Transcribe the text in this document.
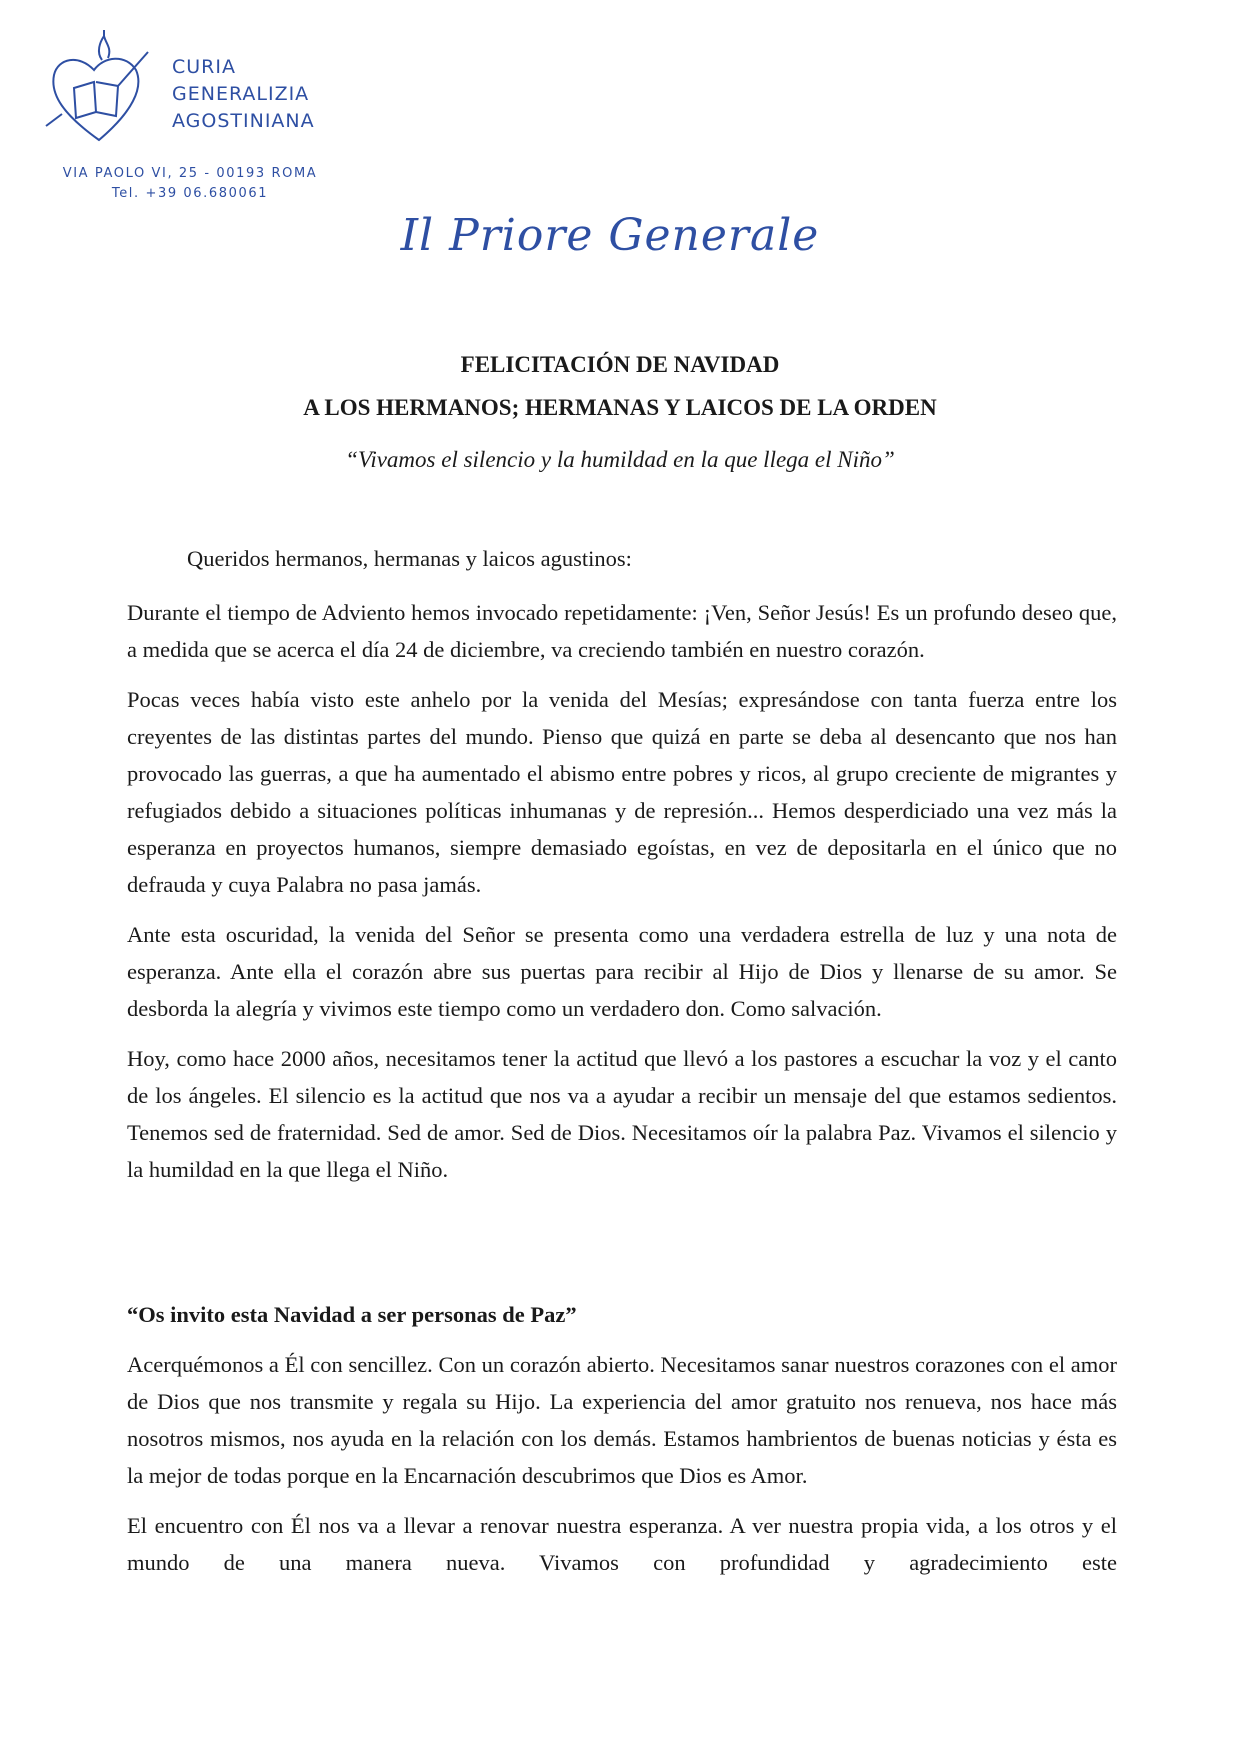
CURIA
GENERALIZIA
AGOSTINIANA
VIA PAOLO VI, 25 - 00193 ROMA
Tel. +39 06.680061
Il Priore Generale
FELICITACIÓN DE NAVIDAD
A LOS HERMANOS; HERMANAS Y LAICOS DE LA ORDEN
“Vivamos el silencio y la humildad en la que llega el Niño”
Queridos hermanos, hermanas y laicos agustinos:

Durante el tiempo de Adviento hemos invocado repetidamente: ¡Ven, Señor Jesús! Es un profundo deseo que, a medida que se acerca el día 24 de diciembre, va creciendo también en nuestro corazón.

Pocas veces había visto este anhelo por la venida del Mesías; expresándose con tanta fuerza entre los creyentes de las distintas partes del mundo. Pienso que quizá en parte se deba al desencanto que nos han provocado las guerras, a que ha aumentado el abismo entre pobres y ricos, al grupo creciente de migrantes y refugiados debido a situaciones políticas inhumanas y de represión... Hemos desperdiciado una vez más la esperanza en proyectos humanos, siempre demasiado egoístas, en vez de depositarla en el único que no defrauda y cuya Palabra no pasa jamás.

Ante esta oscuridad, la venida del Señor se presenta como una verdadera estrella de luz y una nota de esperanza. Ante ella el corazón abre sus puertas para recibir al Hijo de Dios y llenarse de su amor. Se desborda la alegría y vivimos este tiempo como un verdadero don. Como salvación.

Hoy, como hace 2000 años, necesitamos tener la actitud que llevó a los pastores a escuchar la voz y el canto de los ángeles. El silencio es la actitud que nos va a ayudar a recibir un mensaje del que estamos sedientos. Tenemos sed de fraternidad. Sed de amor. Sed de Dios. Necesitamos oír la palabra Paz. Vivamos el silencio y la humildad en la que llega el Niño.

“Os invito esta Navidad a ser personas de Paz”

Acerquémonos a Él con sencillez. Con un corazón abierto. Necesitamos sanar nuestros corazones con el amor de Dios que nos transmite y regala su Hijo. La experiencia del amor gratuito nos renueva, nos hace más nosotros mismos, nos ayuda en la relación con los demás. Estamos hambrientos de buenas noticias y ésta es la mejor de todas porque en la Encarnación descubrimos que Dios es Amor.

El encuentro con Él nos va a llevar a renovar nuestra esperanza. A ver nuestra propia vida, a los otros y el mundo de una manera nueva. Vivamos con profundidad y agradecimiento este
